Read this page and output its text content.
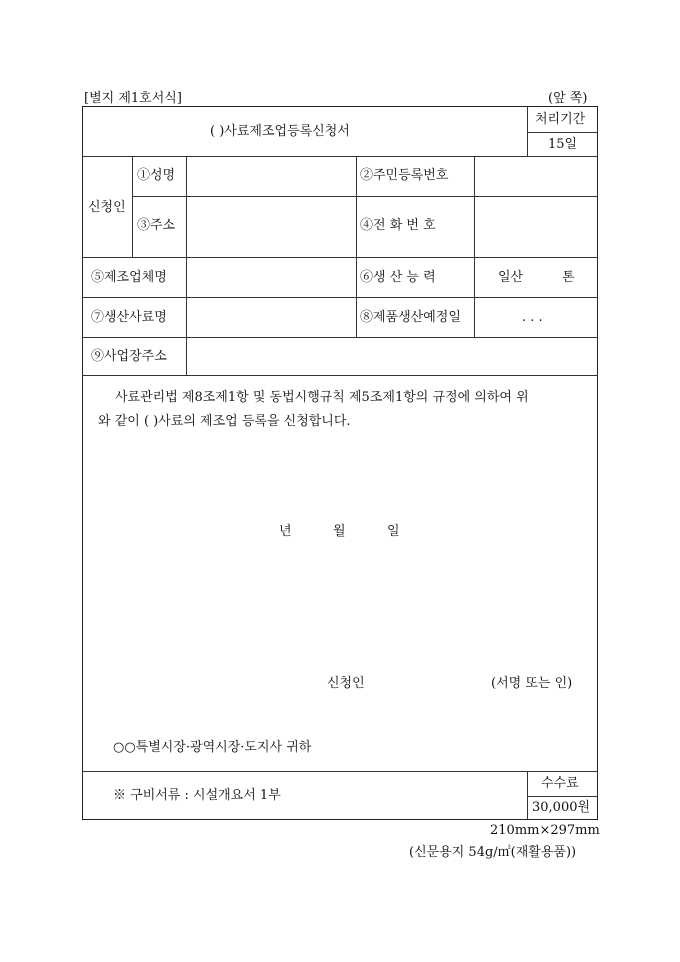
[별지 제1호서식]	(앞 쪽)
( )사료제조업등록신청서
처리기간
15일
신청인
①성명	②주민등록번호
③주소	④전 화 번 호
⑤제조업체명	⑥생 산 능 력	일산	톤
⑦생산사료명	⑧제품생산예정일	. . .
⑨사업장주소
사료관리법 제8조제1항 및 동법시행규칙 제5조제1항의 규정에 의하여 위
와 같이 ( )사료의 제조업 등록을 신청합니다.
년	월	일
신청인	(서명 또는 인)
○○특별시장·광역시장·도지사 귀하
※ 구비서류 : 시설개요서 1부
수수료
30,000원
210mm×297mm
(신문용지 54g/㎡(재활용품))
